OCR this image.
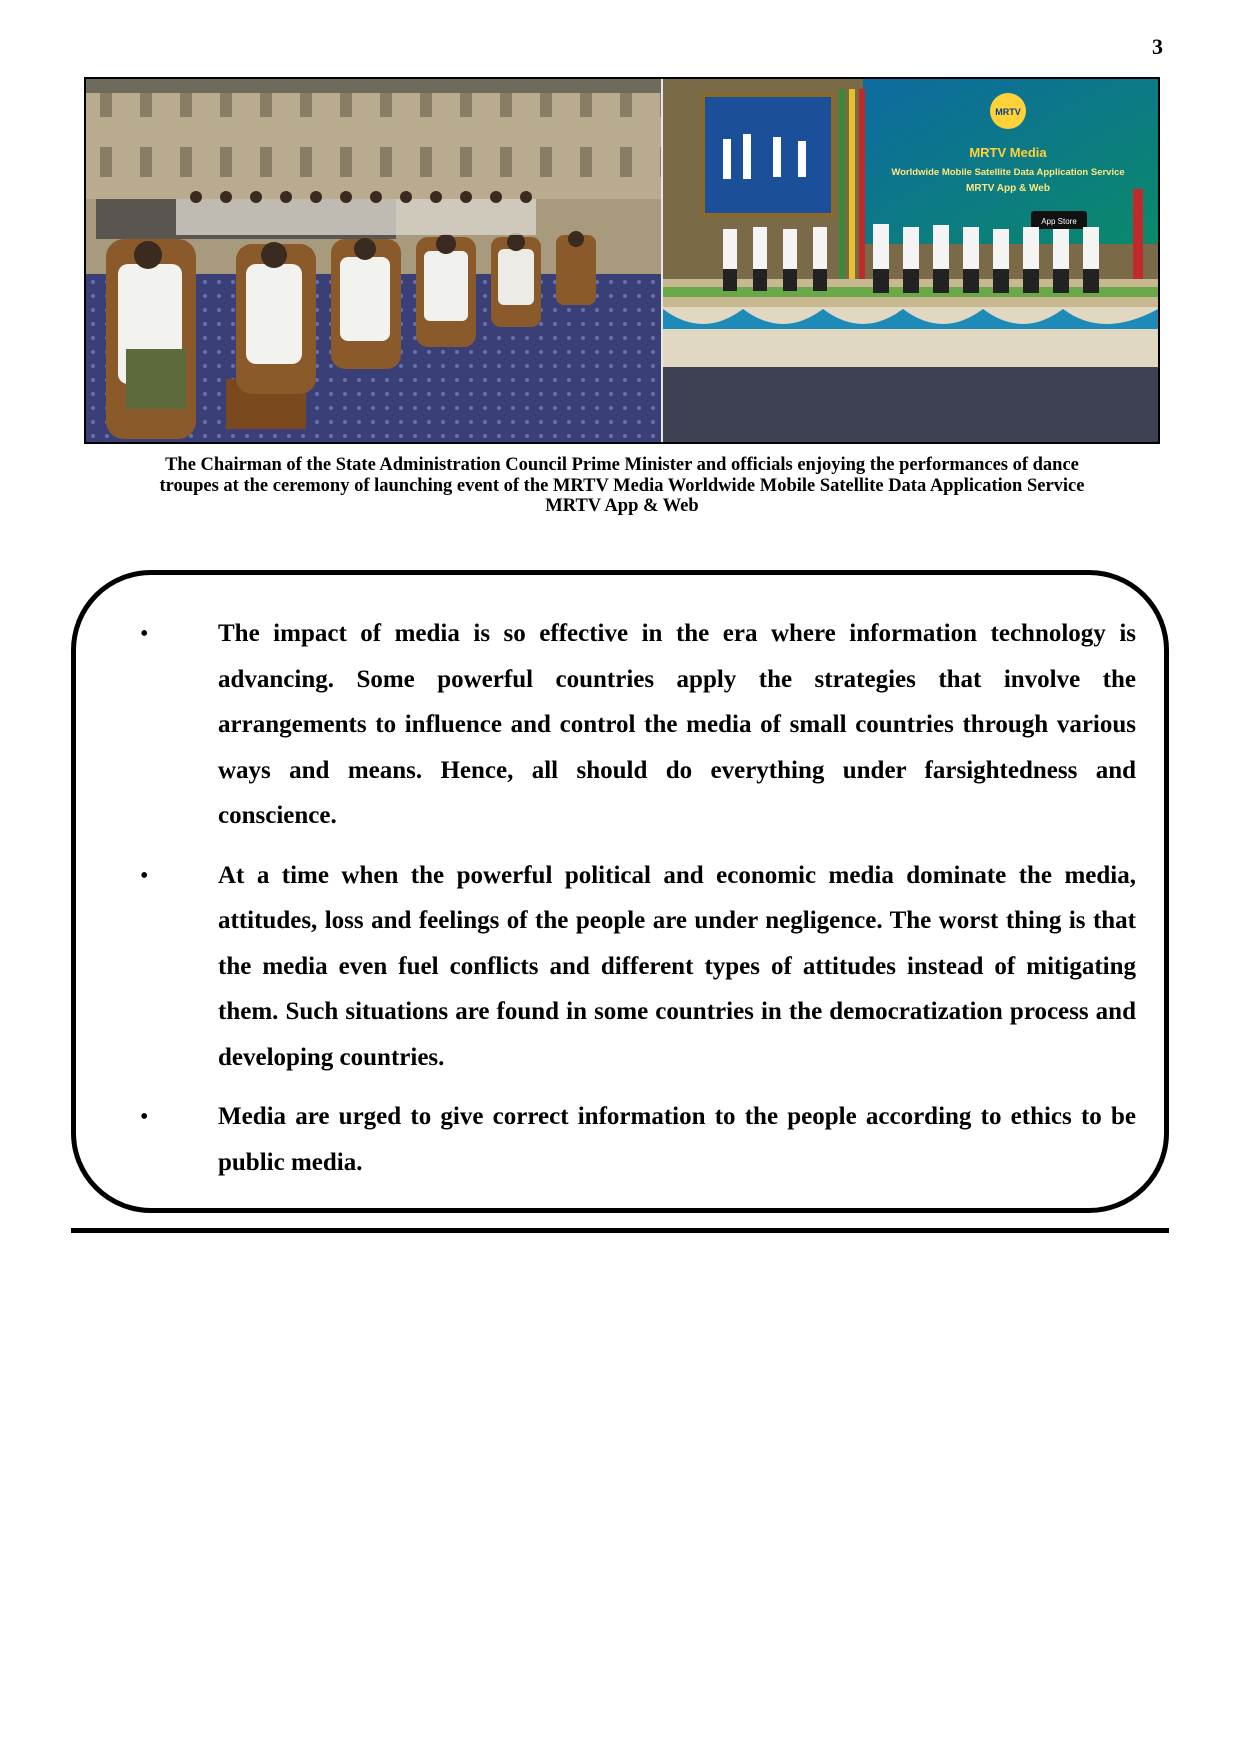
3
MRTV
MRTV Media
Worldwide Mobile Satellite Data Application Service
MRTV App & Web
App Store
The Chairman of the State Administration Council Prime Minister and officials enjoying the performances of dance
troupes at the ceremony of launching event of the MRTV Media Worldwide Mobile Satellite Data Application Service
MRTV App & Web
•	The impact of media is so effective in the era where information technology is advancing. Some powerful countries apply the strategies that involve the arrangements to influence and control the media of small countries through various ways and means. Hence, all should do everything under farsightedness and conscience.
•	At a time when the powerful political and economic media dominate the media, attitudes, loss and feelings of the people are under negligence. The worst thing is that the media even fuel conflicts and different types of attitudes instead of mitigating them. Such situations are found in some countries in the democratization process and developing countries.
•	Media are urged to give correct information to the people according to ethics to be public media.
